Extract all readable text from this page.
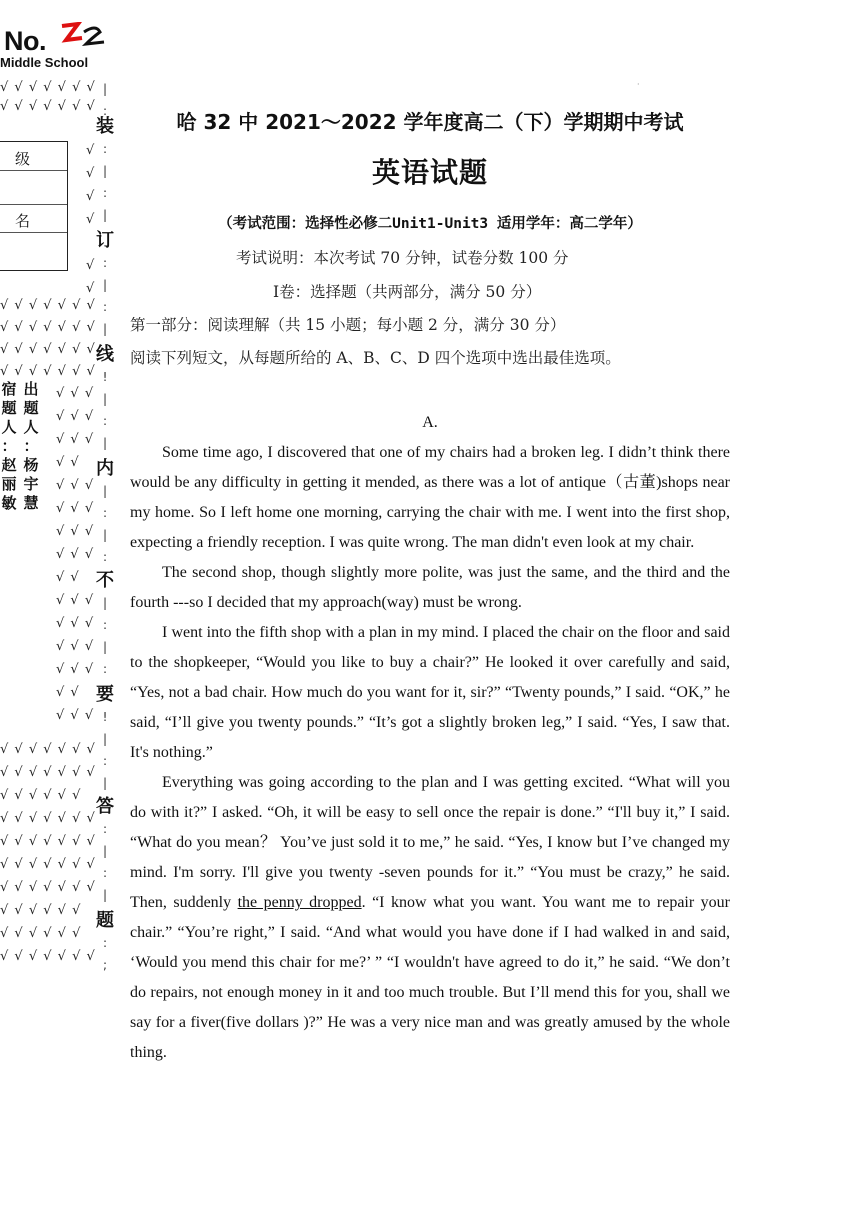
No.
Middle School
√ √ √ √ √ √ √
√ √ √ √ √ √ √
级
名
√
√
√
√
√
√
√ √ √ √ √ √ √
√ √ √ √ √ √ √
√ √ √ √ √ √ √
√ √ √ √ √ √ √
宿
题
人
：
赵
丽
敏
出
题
人
：
杨
宇
慧
√ √ √
√ √ √
√ √ √
√ √
√ √ √
√ √ √
√ √ √
√ √ √
√ √
√ √ √
√ √ √
√ √ √
√ √ √
√ √
√ √ √
√ √ √ √ √ √ √
√ √ √ √ √ √ √
√ √ √ √ √ √
√ √ √ √ √ √ √
√ √ √ √ √ √ √
√ √ √ √ √ √ √
√ √ √ √ √ √ √
√ √ √ √ √ √
√ √ √ √ √ √
√ √ √ √ √ √ √
|
:
装
:
|
:
|
订
:
|
:
|
线
!
|
:
|
内
|
:
|
:
不
|
:
|
:
要
!
|
:
|
答
:
|
:
|
题
:
;
·
哈 32 中 2021～2022 学年度高二（下）学期期中考试
英语试题
（考试范围：选择性必修二Unit1-Unit3 适用学年：高二学年）
考试说明：本次考试 70 分钟，试卷分数 100 分
Ⅰ卷：选择题（共两部分，满分 50 分）
第一部分：阅读理解（共 15 小题；每小题 2 分，满分 30 分）
阅读下列短文，从每题所给的 A、B、C、D 四个选项中选出最佳选项。
A.

Some time ago, I discovered that one of my chairs had a broken leg. I didn’t think there would be any difficulty in getting it mended, as there was a lot of antique（古董)shops near my home. So I left home one morning, carrying the chair with me. I went into the first shop, expecting a friendly reception. I was quite wrong. The man didn't even look at my chair.

The second shop, though slightly more polite, was just the same, and the third and the fourth ---so I decided that my approach(way) must be wrong.

I went into the fifth shop with a plan in my mind. I placed the chair on the floor and said to the shopkeeper, “Would you like to buy a chair?” He looked it over carefully and said, “Yes, not a bad chair. How much do you want for it, sir?” “Twenty pounds,” I said. “OK,” he said, “I’ll give you twenty pounds.” “It’s got a slightly broken leg,” I said. “Yes, I saw that. It's nothing.”

Everything was going according to the plan and I was getting excited. “What will you do with it?” I asked. “Oh, it will be easy to sell once the repair is done.” “I'll buy it,” I said. “What do you mean？ You’ve just sold it to me,” he said. “Yes, I know but I’ve changed my mind. I'm sorry. I'll give you twenty -seven pounds for it.” “You must be crazy,” he said. Then, suddenly the penny dropped. “I know what you want. You want me to repair your chair.” “You’re right,” I said. “And what would you have done if I had walked in and said, ‘Would you mend this chair for me?’ ” “I wouldn't have agreed to do it,” he said. “We don’t do repairs, not enough money in it and too much trouble. But I’ll mend this for you, shall we say for a fiver(five dollars )?” He was a very nice man and was greatly amused by the whole thing.
